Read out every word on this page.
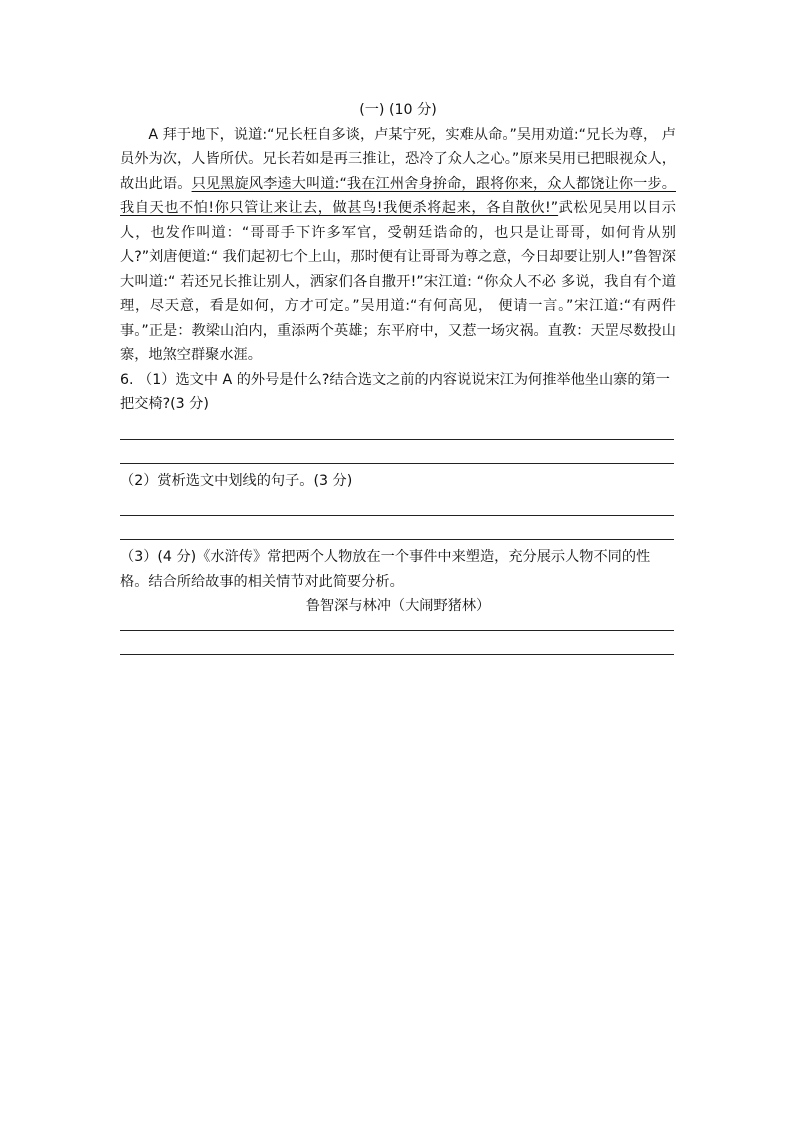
(一) (10 分)

A 拜于地下，说道:“兄长枉自多谈，卢某宁死，实难从命。”吴用劝道:“兄长为尊， 卢员外为次，人皆所伏。兄长若如是再三推让，恐冷了众人之心。”原来吴用已把眼视众人，故出此语。只见黑旋风李逵大叫道:“我在江州舍身拚命，跟将你来，众人都饶让你一步。我自天也不怕!你只管让来让去，做甚鸟!我便杀将起来，各自散伙!”武松见吴用以目示人，也发作叫道：“哥哥手下许多军官，受朝廷诰命的，也只是让哥哥，如何肯从别人?”刘唐便道:“ 我们起初七个上山，那时便有让哥哥为尊之意，今日却要让别人!”鲁智深大叫道:“ 若还兄长推让别人，洒家们各自撒开!”宋江道: “你众人不必 多说，我自有个道理，尽天意，看是如何，方才可定。”吴用道:“有何高见， 便请一言。”宋江道:“有两件事。”正是：教梁山泊内，重添两个英雄；东平府中，又惹一场灾祸。直教：天罡尽数投山寨，地煞空群聚水涯。

6. （1）选文中 A 的外号是什么?结合选文之前的内容说说宋江为何推举他坐山寨的第一把交椅?(3 分)

（2）赏析选文中划线的句子。(3 分)

（3）(4 分)《水浒传》常把两个人物放在一个事件中来塑造，充分展示人物不同的性格。结合所给故事的相关情节对此简要分析。

鲁智深与林冲（大闹野猪林）
